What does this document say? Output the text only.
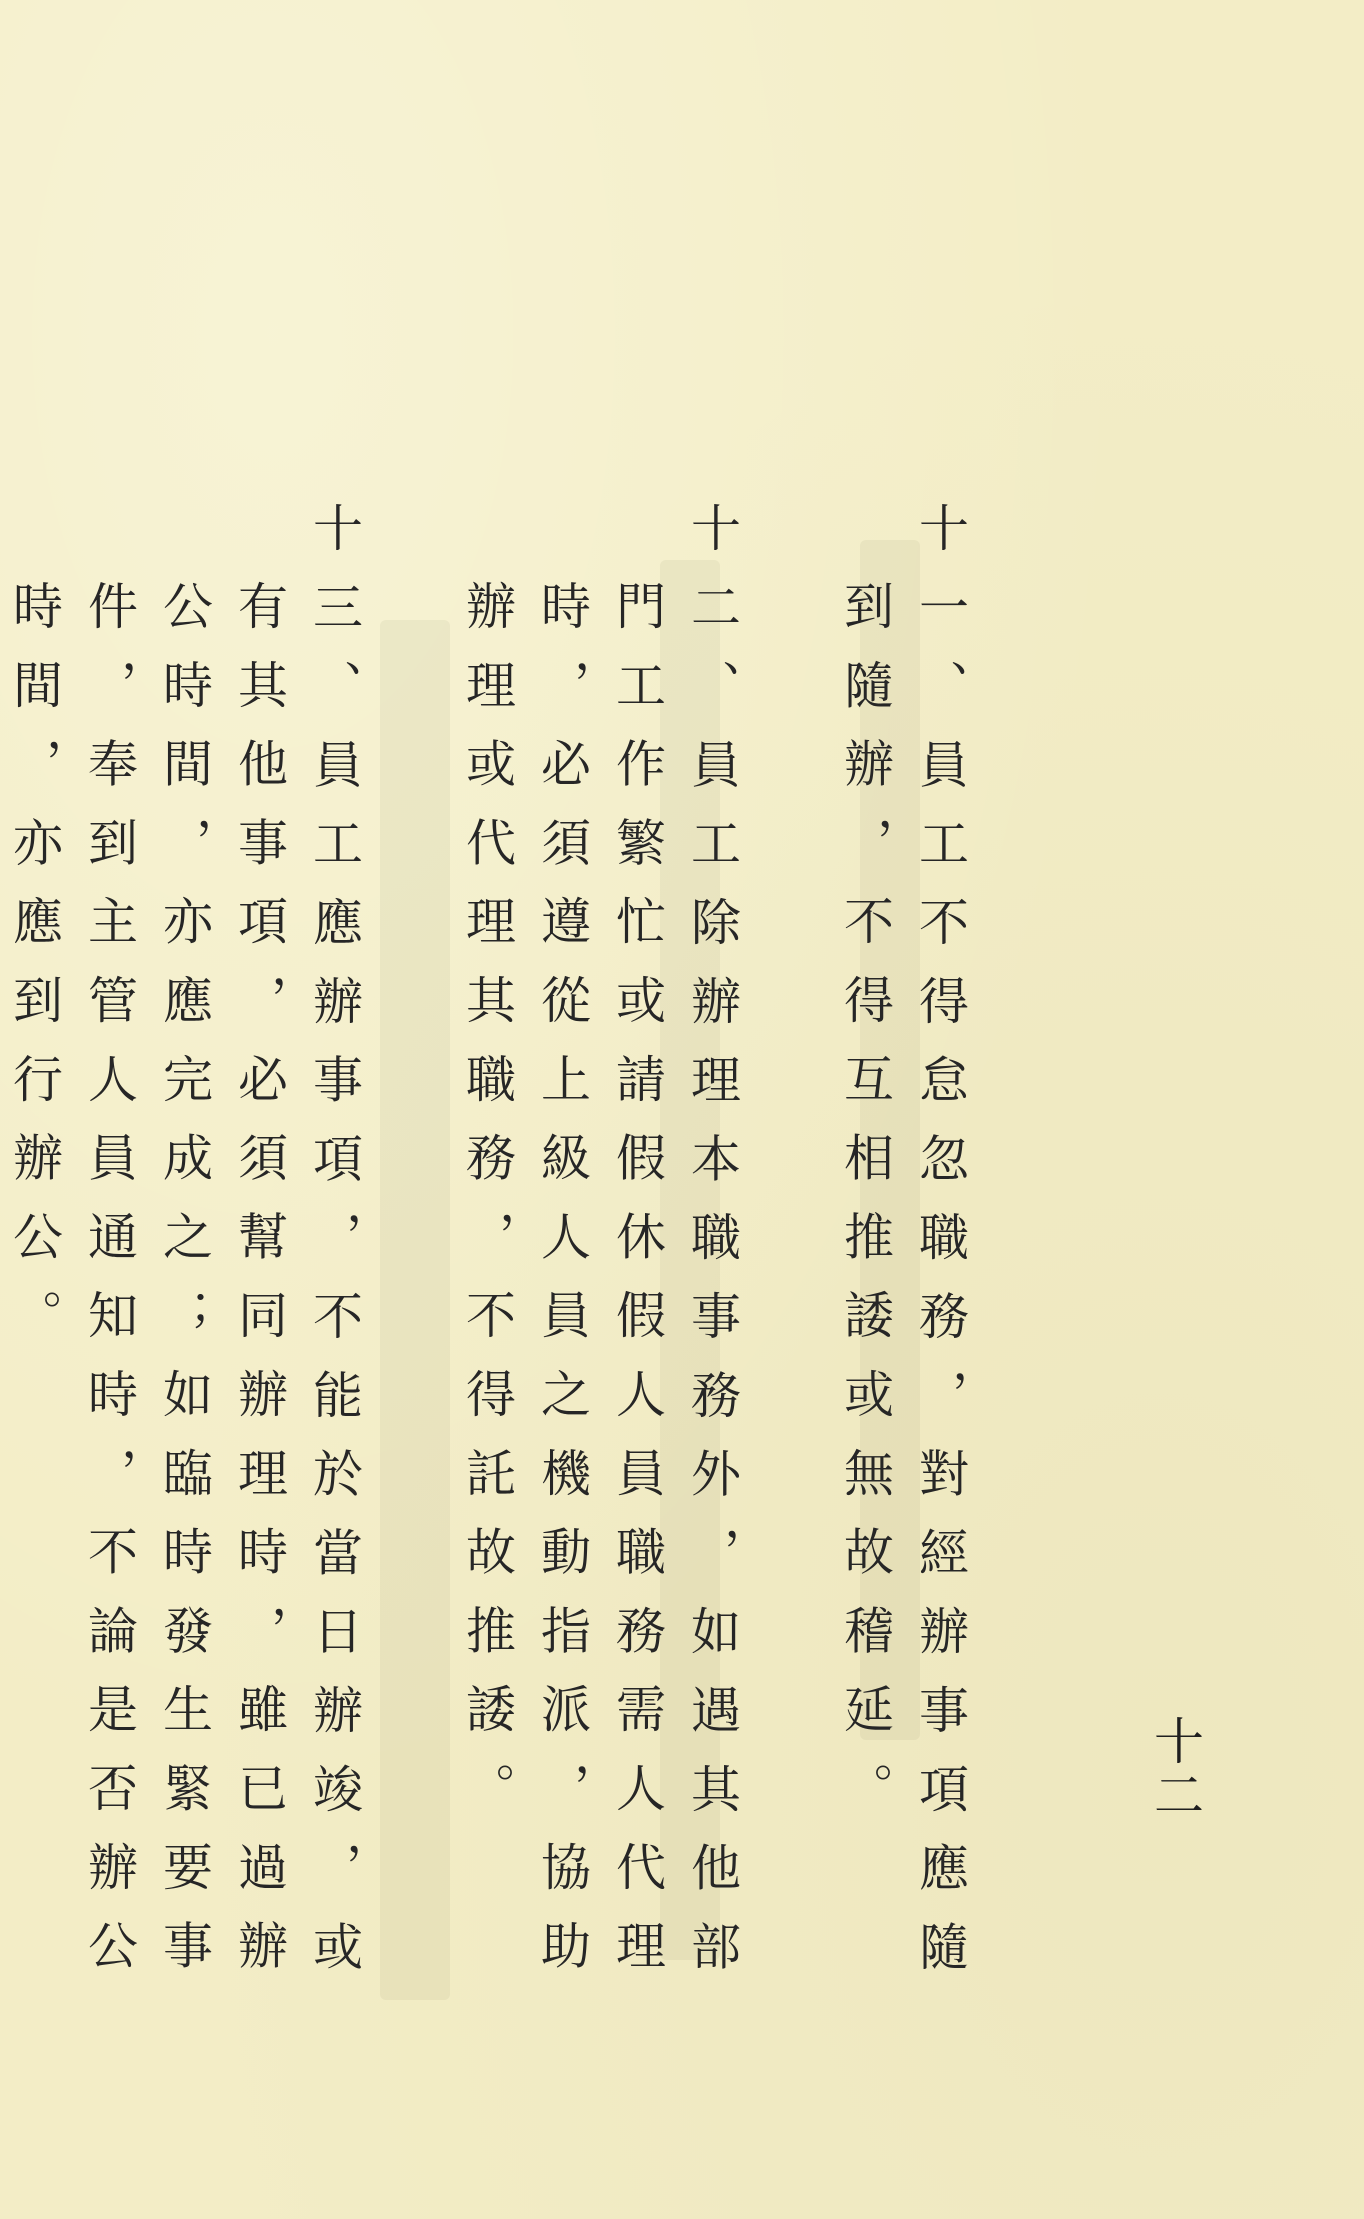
十二

十一、員工不得怠忽職務，對經辦事項應隨到隨辦，不得互相推諉或無故稽延。

十二、員工除辦理本職事務外，如遇其他部門工作繁忙或請假休假人員職務需人代理時，必須遵從上級人員之機動指派，協助辦理或代理其職務，不得託故推諉。

十三、員工應辦事項，不能於當日辦竣，或有其他事項，必須幫同辦理時，雖已過辦公時間，亦應完成之；如臨時發生緊要事件，奉到主管人員通知時，不論是否辦公時間，亦應到行辦公。
